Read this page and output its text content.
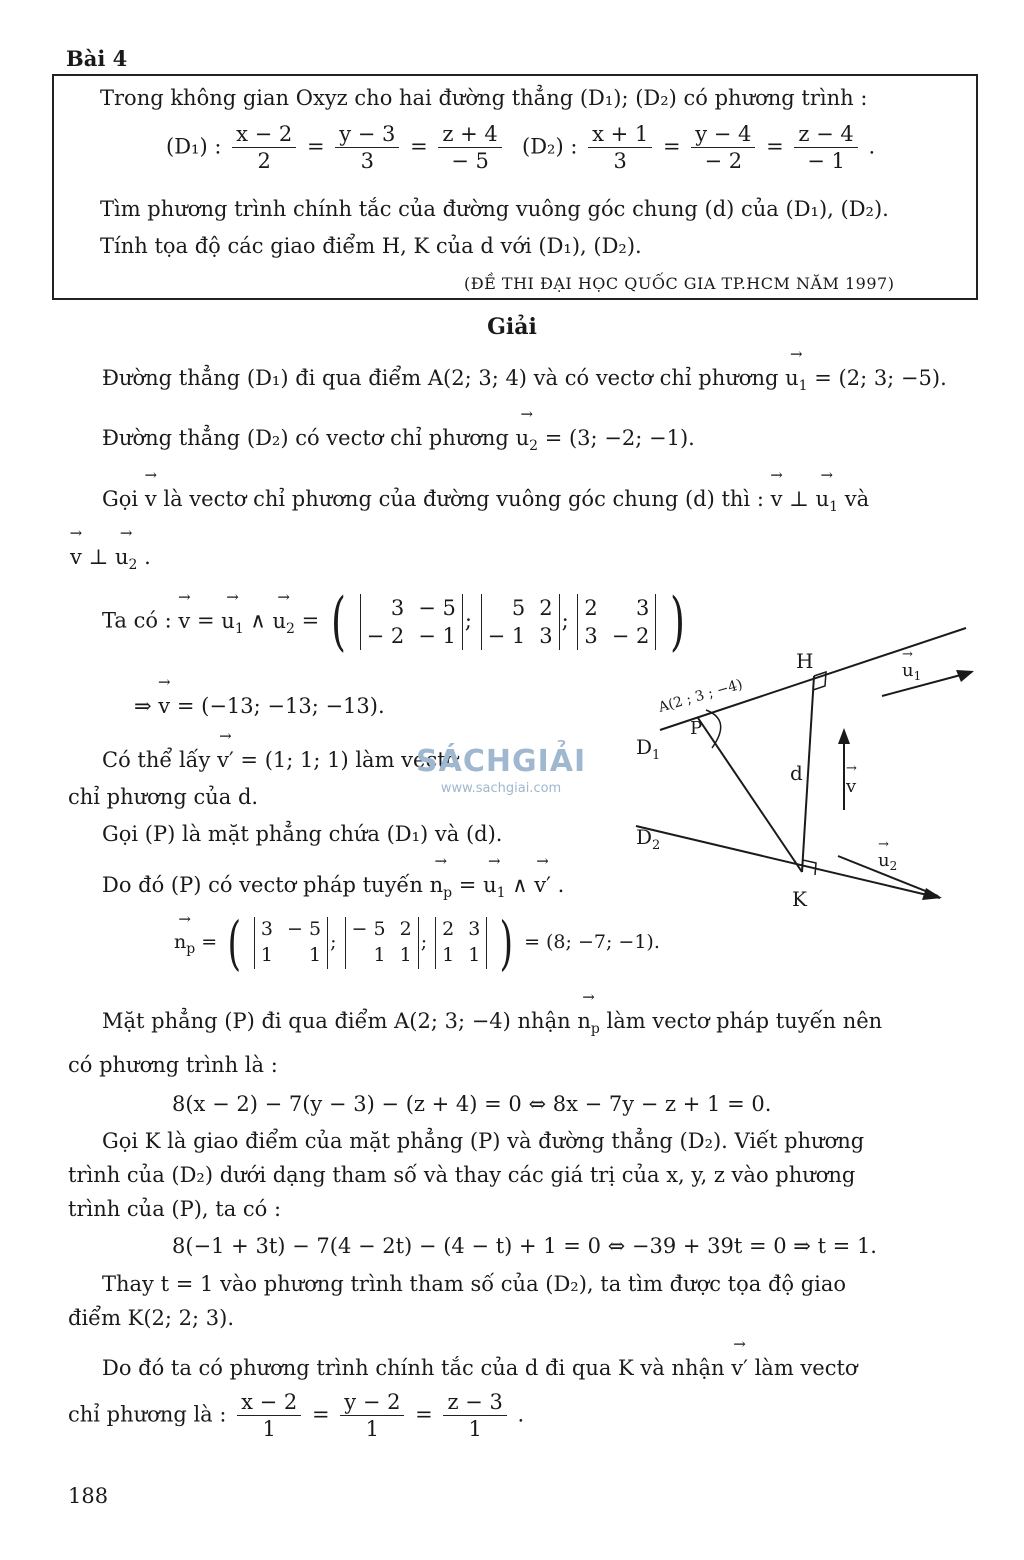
Bài 4
Trong không gian Oxyz cho hai đường thẳng (D₁); (D₂) có phương trình :
(D₁) : $\frac{x - 2}{2} = \frac{y - 3}{3} = \frac{z + 4}{- 5} (D_2)$ : $\frac{x + 1}{3} = \frac{y - 4}{- 2} = \frac{z - 4}{- 1}$ .
Tìm phương trình chính tắc của đường vuông góc chung (d) của (D₁), (D₂).
Tính tọa độ các giao điểm H, K của d với (D₁), (D₂).
(ĐỀ THI ĐẠI HỌC QUỐC GIA TP.HCM NĂM 1997)
Giải
Đường thẳng (D₁) đi qua điểm A(2; 3; 4) và có vectơ chỉ phương → $u_1 = (2$; 3; −5).
Đường thẳng (D₂) có vectơ chỉ phương → $u_2 = (3$; −2; −1).
Gọi → v là vectơ chỉ phương của đường vuông góc chung (d) thì : → v ⊥ → $u_1$ và
→ v ⊥ → $u_2$ .
Ta có : → v = → $u_1$ ∧ → $u_2$ = (	3 − 5
− 2 − 1
;
5 2
− 1 3
;
2	3
3 − 2 )
⇒ → v = (−13; −13; −13).
Có thể lấy → v′ = (1; 1; 1) làm vectơ
chỉ phương của d.
Gọi (P) là mặt phẳng chứa (D₁) và (d).
Do đó (P) có vectơ pháp tuyến → $n_p$ = → $u_1$ ∧ → v′ .
→ $n_p$ = ( 3 − 5
1	1
;
− 5 2
1 1
;
2 3
1 1 ) = (8; −7; −1).
Mặt phẳng (P) đi qua điểm A(2; 3; −4) nhận → $n_p$ làm vectơ pháp tuyến nên
có phương trình là :
8(x − 2) − 7(y − 3) − (z + 4) = 0 ⇔ 8x − 7y − z + 1 = 0.
Gọi K là giao điểm của mặt phẳng (P) và đường thẳng (D₂). Viết phương
trình của (D₂) dưới dạng tham số và thay các giá trị của x, y, z vào phương
trình của (P), ta có :
8(−1 + 3t) − 7(4 − 2t) − (4 − t) + 1 = 0 ⇔ −39 + 39t = 0 ⇒ t = 1.
Thay t = 1 vào phương trình tham số của (D₂), ta tìm được tọa độ giao
điểm K(2; 2; 3).
Do đó ta có phương trình chính tắc của d đi qua K và nhận → v′ làm vectơ
chỉ phương là : $\frac{x - 2}{1} = \frac{y - 2}{1} = \frac{z - 3}{1}$ .
SÁCHGIẢI
www.sachgiai.com
H
K
A(2 ; 3 ; −4)
P
$D_1$
$D_2$
d
v
→
$u_1$
→
$u_2$
→
188
